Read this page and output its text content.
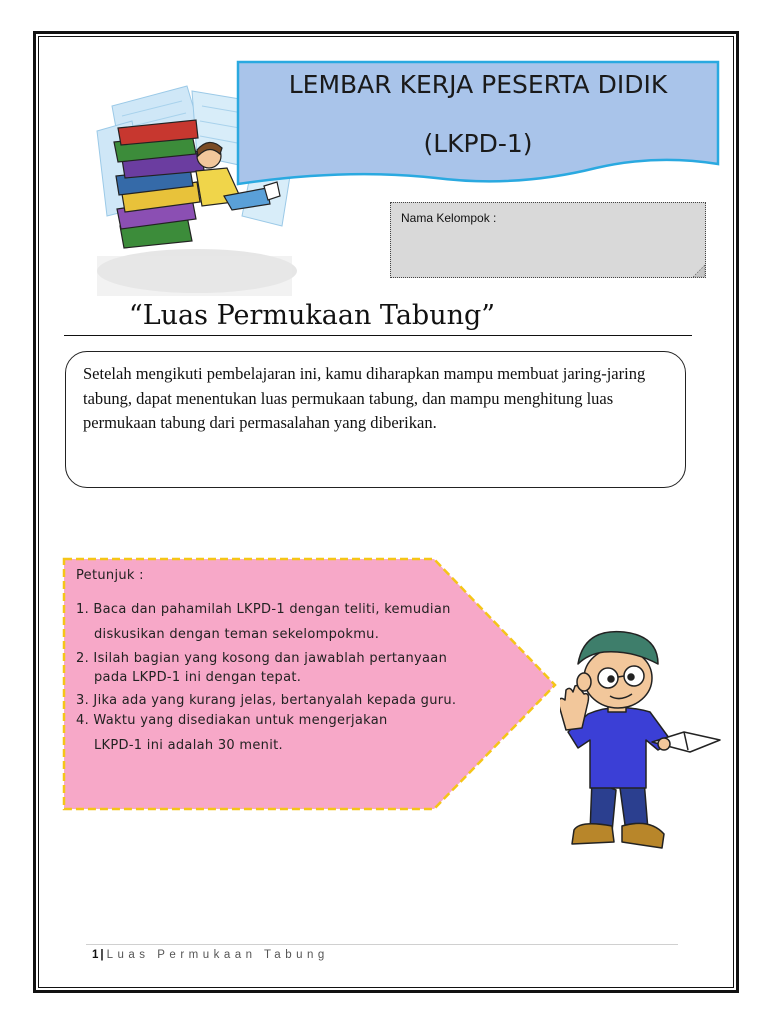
LEMBAR KERJA PESERTA DIDIK
(LKPD-1)
Nama Kelompok :
“Luas Permukaan Tabung”
Setelah mengikuti pembelajaran ini, kamu diharapkan mampu membuat jaring-jaring tabung, dapat menentukan luas permukaan tabung, dan mampu menghitung luas permukaan tabung dari permasalahan yang diberikan.
Petunjuk :
1. Baca dan pahamilah LKPD-1 dengan teliti, kemudian
diskusikan dengan teman sekelompokmu.
2. Isilah bagian yang kosong dan jawablah pertanyaan
pada LKPD-1 ini dengan tepat.
3. Jika ada yang kurang jelas, bertanyalah kepada guru.
4. Waktu yang disediakan untuk mengerjakan
LKPD-1 ini adalah 30 menit.
1 | Luas Permukaan Tabung
